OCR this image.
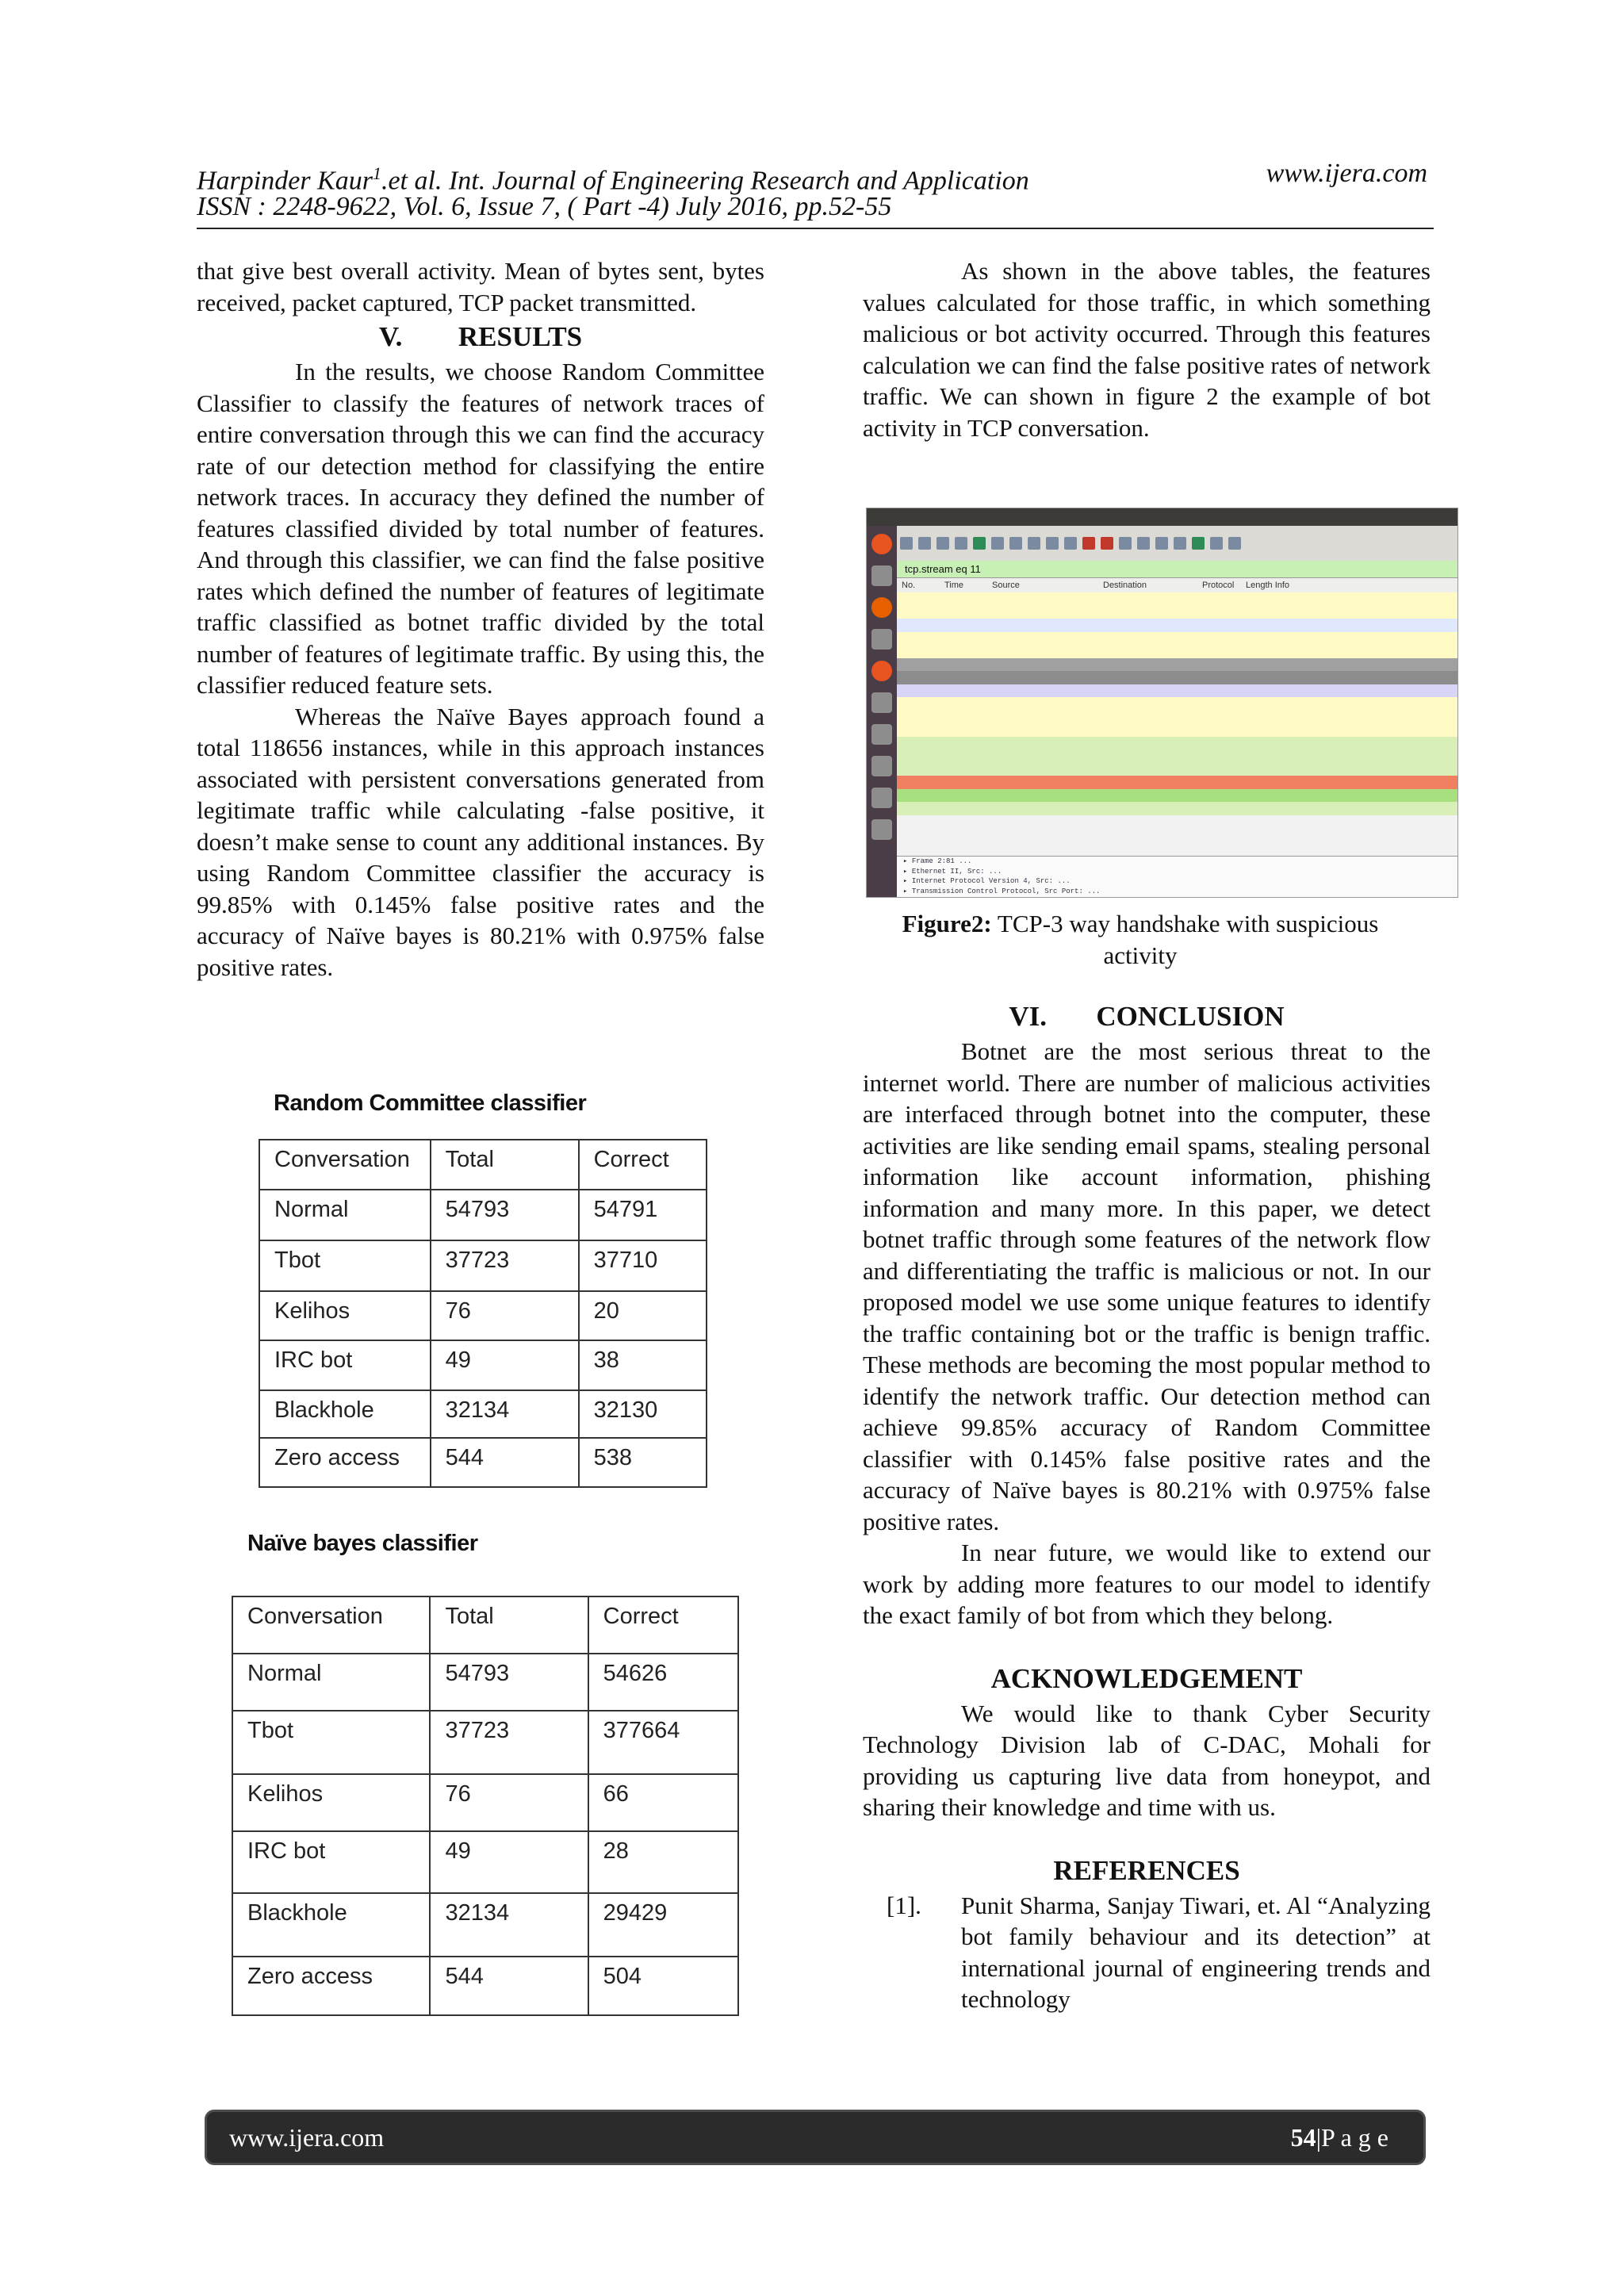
Harpinder Kaur$^1$.et al. Int. Journal of Engineering Research and Application	www.ijera.com
ISSN : 2248-9622, Vol. 6, Issue 7, ( Part -4) July 2016, pp.52-55

that give best overall activity. Mean of bytes sent, bytes received, packet captured, TCP packet transmitted.

V. RESULTS

In the results, we choose Random Committee Classifier to classify the features of network traces of entire conversation through this we can find the accuracy rate of our detection method for classifying the entire network traces. In accuracy they defined the number of features classified divided by total number of features. And through this classifier, we can find the false positive rates which defined the number of features of legitimate traffic classified as botnet traffic divided by the total number of features of legitimate traffic. By using this, the classifier reduced feature sets.

Whereas the Naïve Bayes approach found a total 118656 instances, while in this approach instances associated with persistent conversations generated from legitimate traffic while calculating -false positive, it doesn’t make sense to count any additional instances. By using Random Committee classifier the accuracy is 99.85% with 0.145% false positive rates and the accuracy of Naïve bayes is 80.21% with 0.975% false positive rates.

Random Committee classifier
Conversation	Total	Correct
Normal	54793	54791
Tbot	37723	37710
Kelihos	76	20
IRC bot	49	38
Blackhole	32134	32130
Zero access	544	538
Naïve bayes classifier
Conversation	Total	Correct
Normal	54793	54626
Tbot	37723	377664
Kelihos	76	66
IRC bot	49	28
Blackhole	32134	29429
Zero access	544	504

As shown in the above tables, the features values calculated for those traffic, in which something malicious or bot activity occurred. Through this features calculation we can find the false positive rates of network traffic. We can shown in figure 2 the example of bot activity in TCP conversation.

tcp.stream eq 11
No.	Time	Source	Destination	Protocol Length Info
▸ Frame 2:81 ...
▸ Ethernet II, Src: ...
▸ Internet Protocol Version 4, Src: ...
▸ Transmission Control Protocol, Src Port: ...
Figure2: TCP-3 way handshake with suspicious activity
VI. CONCLUSION

Botnet are the most serious threat to the internet world. There are number of malicious activities are interfaced through botnet into the computer, these activities are like sending email spams, stealing personal information like account information, phishing information and many more. In this paper, we detect botnet traffic through some features of the network flow and differentiating the traffic is malicious or not. In our proposed model we use some unique features to identify the traffic containing bot or the traffic is benign traffic. These methods are becoming the most popular method to identify the network traffic. Our detection method can achieve 99.85% accuracy of Random Committee classifier with 0.145% false positive rates and the accuracy of Naïve bayes is 80.21% with 0.975% false positive rates.

In near future, we would like to extend our work by adding more features to our model to identify the exact family of bot from which they belong.

ACKNOWLEDGEMENT

We would like to thank Cyber Security Technology Division lab of C-DAC, Mohali for providing us capturing live data from honeypot, and sharing their knowledge and time with us.

REFERENCES
[1]. Punit Sharma, Sanjay Tiwari, et. Al “Analyzing bot family behaviour and its detection” at international journal of engineering trends and technology
www.ijera.com	54|P a g e
